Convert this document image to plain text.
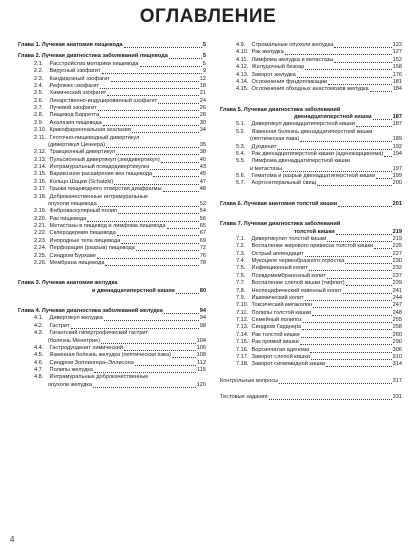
ОГЛАВЛЕНИЕ
Глава 1. Лучевая анатомия пищевода	5
Глава 2. Лучевая диагностика заболеваний пищевода	5
2.1. Расстройства моторики пищевода	5
2.2. Вирусный эзофагит	9
2.3. Кандидозный эзофагит	12
2.4. Рефлюкс-эзофагит	18
2.5. Химический эзофагит	21
2.6. Лекарственно-индуцированный эзофагит	24
2.7. Лучевой эзофагит	26
2.8. Пищевод Барретта	28
2.9. Ахалазия пищевода	30
2.10. Крикофарингеальная ахалазия	34
2.11. Глоточно-пищеводный дивертикул
(дивертикул Ценкера)	35
2.12. Тракционный дивертикул	38
2.13. Пульсионный дивертикул (эпидивертикул)	40
2.14. Интрамуральный псевдодивертикулез	43
2.15. Варикозное расширение вен пищевода	45
2.16. Кольцо Шацки (Schatzki)	47
2.17. Грыжа пищеводного отверстия диафрагмы	48
2.18. Доброкачественные интрамуральные
опухоли пищевода	52
2.19. Фиброваскулярный полип	54
2.20. Рак пищевода	56
2.21. Метастазы в пищевод и лимфома пищевода	65
2.22. Склеродермия пищевода	67
2.23. Инородные тела пищевода	69
2.24. Перфорация (разрыв) пищевода	72
2.25. Синдром Бурхаве	76
2.26. Мембрана пищевода	78
Глава 3. Лучевая анатомия желудка
и двенадцатиперстной кишки	80
Глава 4. Лучевая диагностика заболеваний желудка	94
4.1. Дивертикул желудка	94
4.2. Гастрит	98
4.3. Гигантский гипертрофический гастрит
(болезнь Менетрие)	104
4.4. Гастродуоденит химический	106
4.5. Язвенная болезнь желудка (пептическая язва)	108
4.6. Синдром Золлингера–Эллисона	112
4.7. Полипы желудка	115
4.8. Интрамуральные доброкачественные
опухоли желудка	120
4.9. Стромальные опухоли желудка	122
4.10. Рак желудка	127
4.11. Лимфома желудка и метастазы	152
4.12. Желудочный безоар	158
4.13. Заворот желудка	176
4.14. Осложнения фундопликации	181
4.15. Осложнения обходных анастомозов желудка	184
Глава 5. Лучевая диагностика заболеваний
двенадцатиперстной кишки	187
5.1. Дивертикул двенадцатиперстной кишки	187
5.2. Язвенная болезнь двенадцатиперстной кишки
(пептическая язва)	189
5.3. Дуоденит	192
5.4. Рак двенадцатиперстной кишки (аденокарцинома) 194
5.5. Лимфома двенадцатиперстной кишки
и метастазы	197
5.6. Гематома и разрыв двенадцатиперстной кишки	199
5.7. Аортоэнтеральный свищ	200
Глава 6. Лучевая анатомия толстой кишки	201
Глава 7. Лучевая диагностика заболеваний
толстой кишки	219
7.1. Дивертикулит толстой кишки	219
7.2. Воспаление жирового привеска толстой кишки	225
7.3. Острый аппендицит	227
7.4. Мукоцеле червеобразного отростка	230
7.5. Инфекционный колит	232
7.6. Псевдомембранозный колит	237
7.7. Воспаление слепой кишки (тифлит)	239
7.8. Неспецифический язвенный колит	241
7.9. Ишемический колит	244
7.10. Токсический мегаколон	247
7.11. Полипы толстой кишки	248
7.12. Семейный полипоз	255
7.13. Синдром Гарднера	258
7.14. Рак толстой кишки	260
7.15. Рак прямой кишки	290
7.16. Ворсинчатая аденома	306
7.17. Заворот слепой кишки	310
7.18. Заворот сигмовидной кишки	314
Контрольные вопросы	317
Тестовые задания	331
4
